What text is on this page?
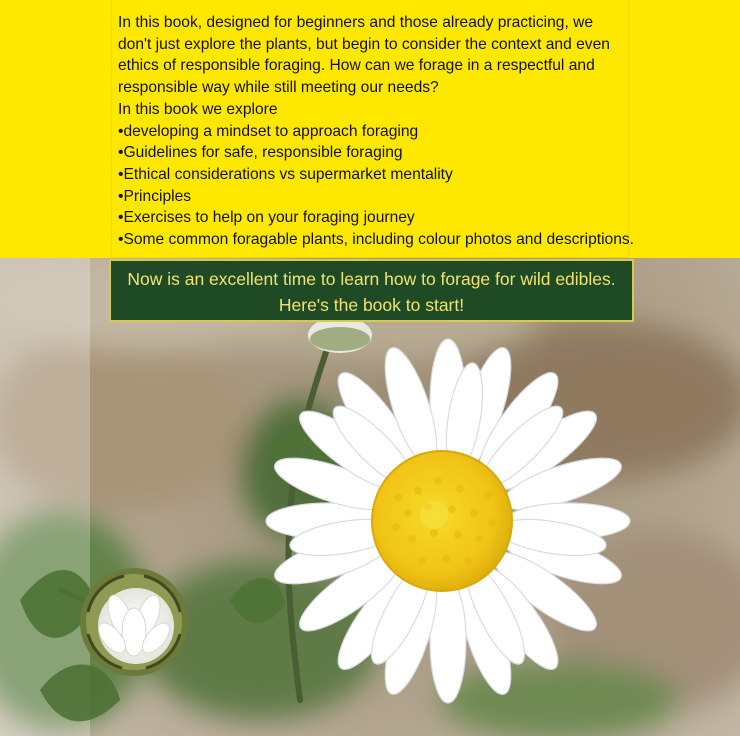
In this book, designed for beginners and those already practicing, we don't just explore the plants, but begin to consider the context and even ethics of responsible foraging. How can we forage in a respectful and responsible way while still meeting our needs?

In this book we explore

•developing a mindset to approach foraging
•Guidelines for safe, responsible foraging
•Ethical considerations vs supermarket mentality
•Principles
•Exercises to help on your foraging journey
•Some common foragable plants, including colour photos and descriptions.
Now is an excellent time to learn how to forage for wild edibles.
Here's the book to start!
